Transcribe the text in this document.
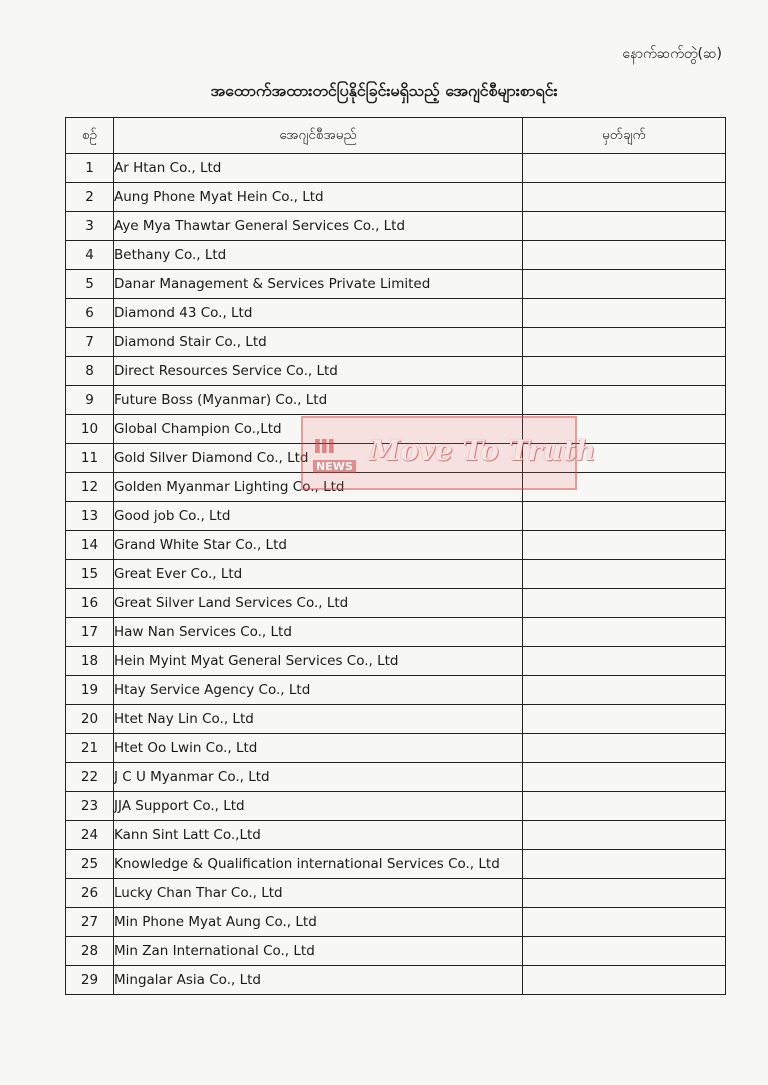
နောက်ဆက်တွဲ(ဆ)
အထောက်အထားတင်ပြနိုင်ခြင်းမရှိသည့် အေဂျင်စီများစာရင်း
စဉ်	အေဂျင်စီအမည်	မှတ်ချက်
1	Ar Htan Co., Ltd	
2	Aung Phone Myat Hein Co., Ltd	
3	Aye Mya Thawtar General Services Co., Ltd	
4	Bethany Co., Ltd	
5	Danar Management & Services Private Limited	
6	Diamond 43 Co., Ltd	
7	Diamond Stair Co., Ltd	
8	Direct Resources Service Co., Ltd	
9	Future Boss (Myanmar) Co., Ltd	
10	Global Champion Co.,Ltd	
11	Gold Silver Diamond Co., Ltd	
12	Golden Myanmar Lighting Co., Ltd	
13	Good job Co., Ltd	
14	Grand White Star Co., Ltd	
15	Great Ever Co., Ltd	
16	Great Silver Land Services Co., Ltd	
17	Haw Nan Services Co., Ltd	
18	Hein Myint Myat General Services Co., Ltd	
19	Htay Service Agency Co., Ltd	
20	Htet Nay Lin Co., Ltd	
21	Htet Oo Lwin Co., Ltd	
22	J C U Myanmar Co., Ltd	
23	JJA Support Co., Ltd	
24	Kann Sint Latt Co.,Ltd	
25	Knowledge & Qualification international Services Co., Ltd	
26	Lucky Chan Thar Co., Ltd	
27	Min Phone Myat Aung Co., Ltd	
28	Min Zan International Co., Ltd	
29	Mingalar Asia Co., Ltd	
ııı
NEWS Move To Truth
